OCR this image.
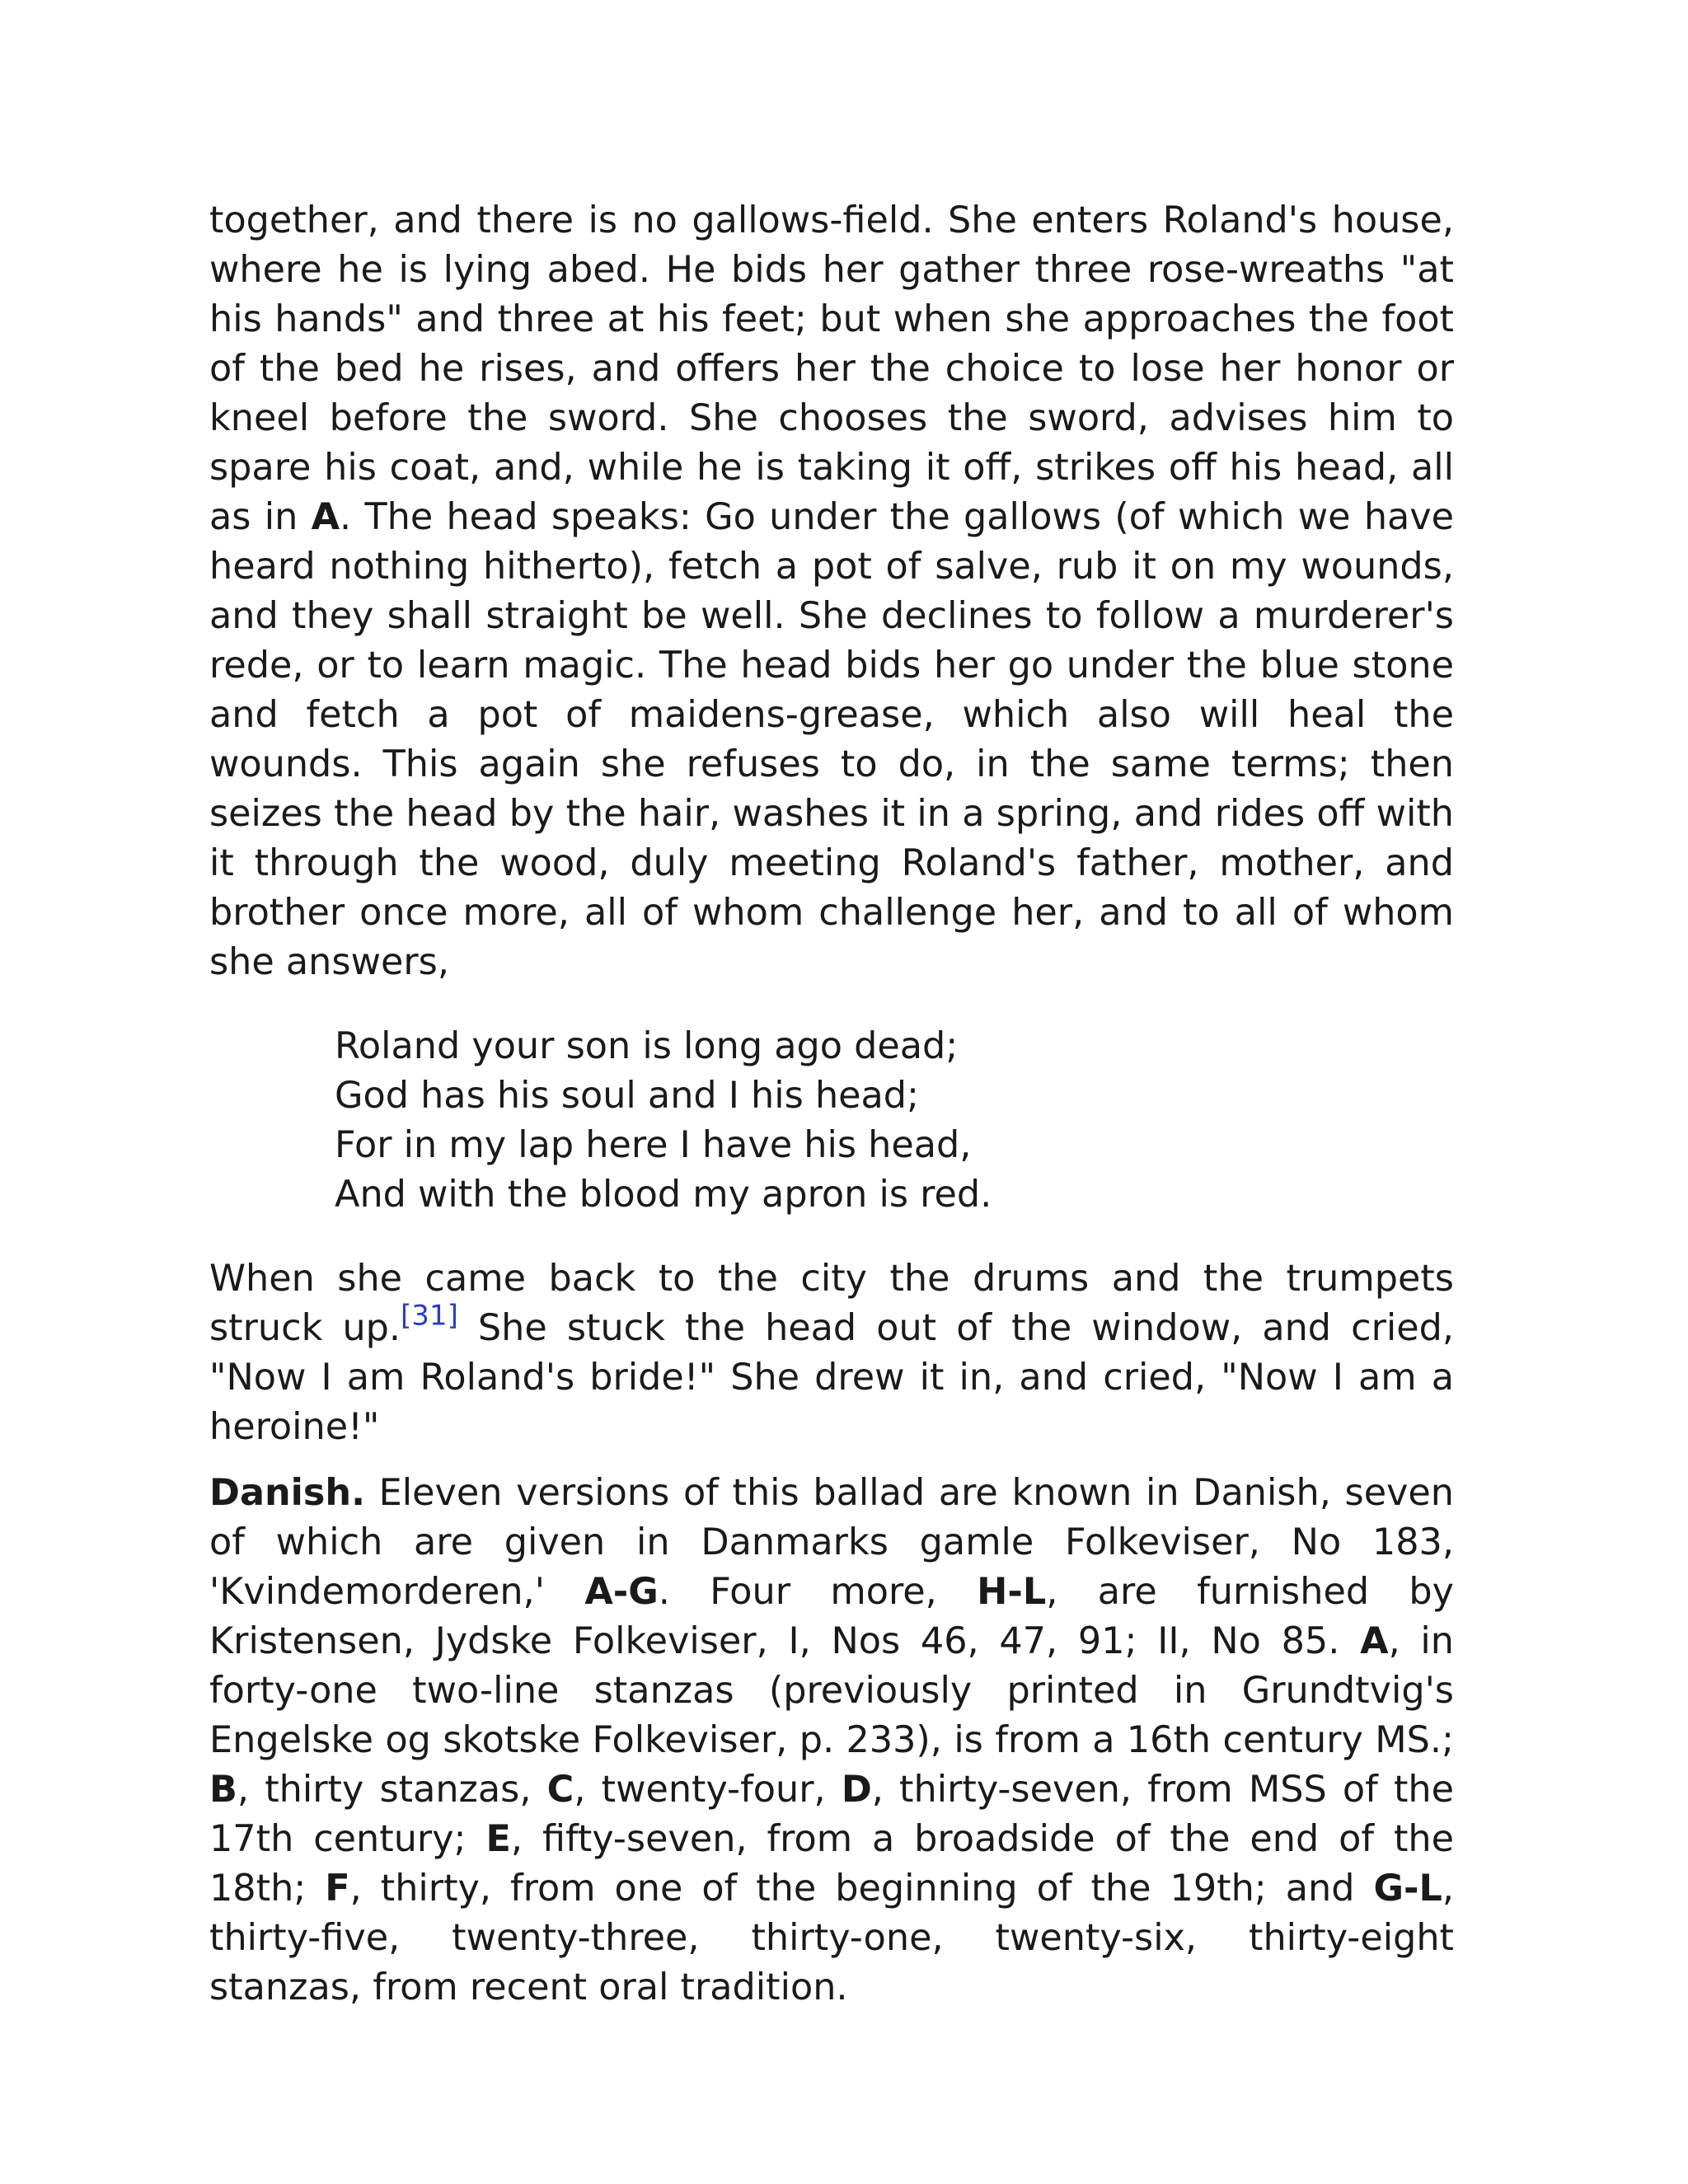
together, and there is no gallows-field. She enters Roland's house, where he is lying abed. He bids her gather three rose-wreaths "at his hands" and three at his feet; but when she approaches the foot of the bed he rises, and offers her the choice to lose her honor or kneel before the sword. She chooses the sword, advises him to spare his coat, and, while he is taking it off, strikes off his head, all as in A. The head speaks: Go under the gallows (of which we have heard nothing hitherto), fetch a pot of salve, rub it on my wounds, and they shall straight be well. She declines to follow a murderer's rede, or to learn magic. The head bids her go under the blue stone and fetch a pot of maidens-grease, which also will heal the wounds. This again she refuses to do, in the same terms; then seizes the head by the hair, washes it in a spring, and rides off with it through the wood, duly meeting Roland's father, mother, and brother once more, all of whom challenge her, and to all of whom she answers,

Roland your son is long ago dead;
God has his soul and I his head;
For in my lap here I have his head,
And with the blood my apron is red.

When she came back to the city the drums and the trumpets struck up.[31] She stuck the head out of the window, and cried, "Now I am Roland's bride!" She drew it in, and cried, "Now I am a heroine!"

Danish. Eleven versions of this ballad are known in Danish, seven of which are given in Danmarks gamle Folkeviser, No 183, 'Kvindemorderen,' A-G. Four more, H-L, are furnished by Kristensen, Jydske Folkeviser, I, Nos 46, 47, 91; II, No 85. A, in forty-one two-line stanzas (previously printed in Grundtvig's Engelske og skotske Folkeviser, p. 233), is from a 16th century MS.; B, thirty stanzas, C, twenty-four, D, thirty-seven, from MSS of the 17th century; E, fifty-seven, from a broadside of the end of the 18th; F, thirty, from one of the beginning of the 19th; and G-L, thirty-five, twenty-three, thirty-one, twenty-six, thirty-eight stanzas, from recent oral tradition.
